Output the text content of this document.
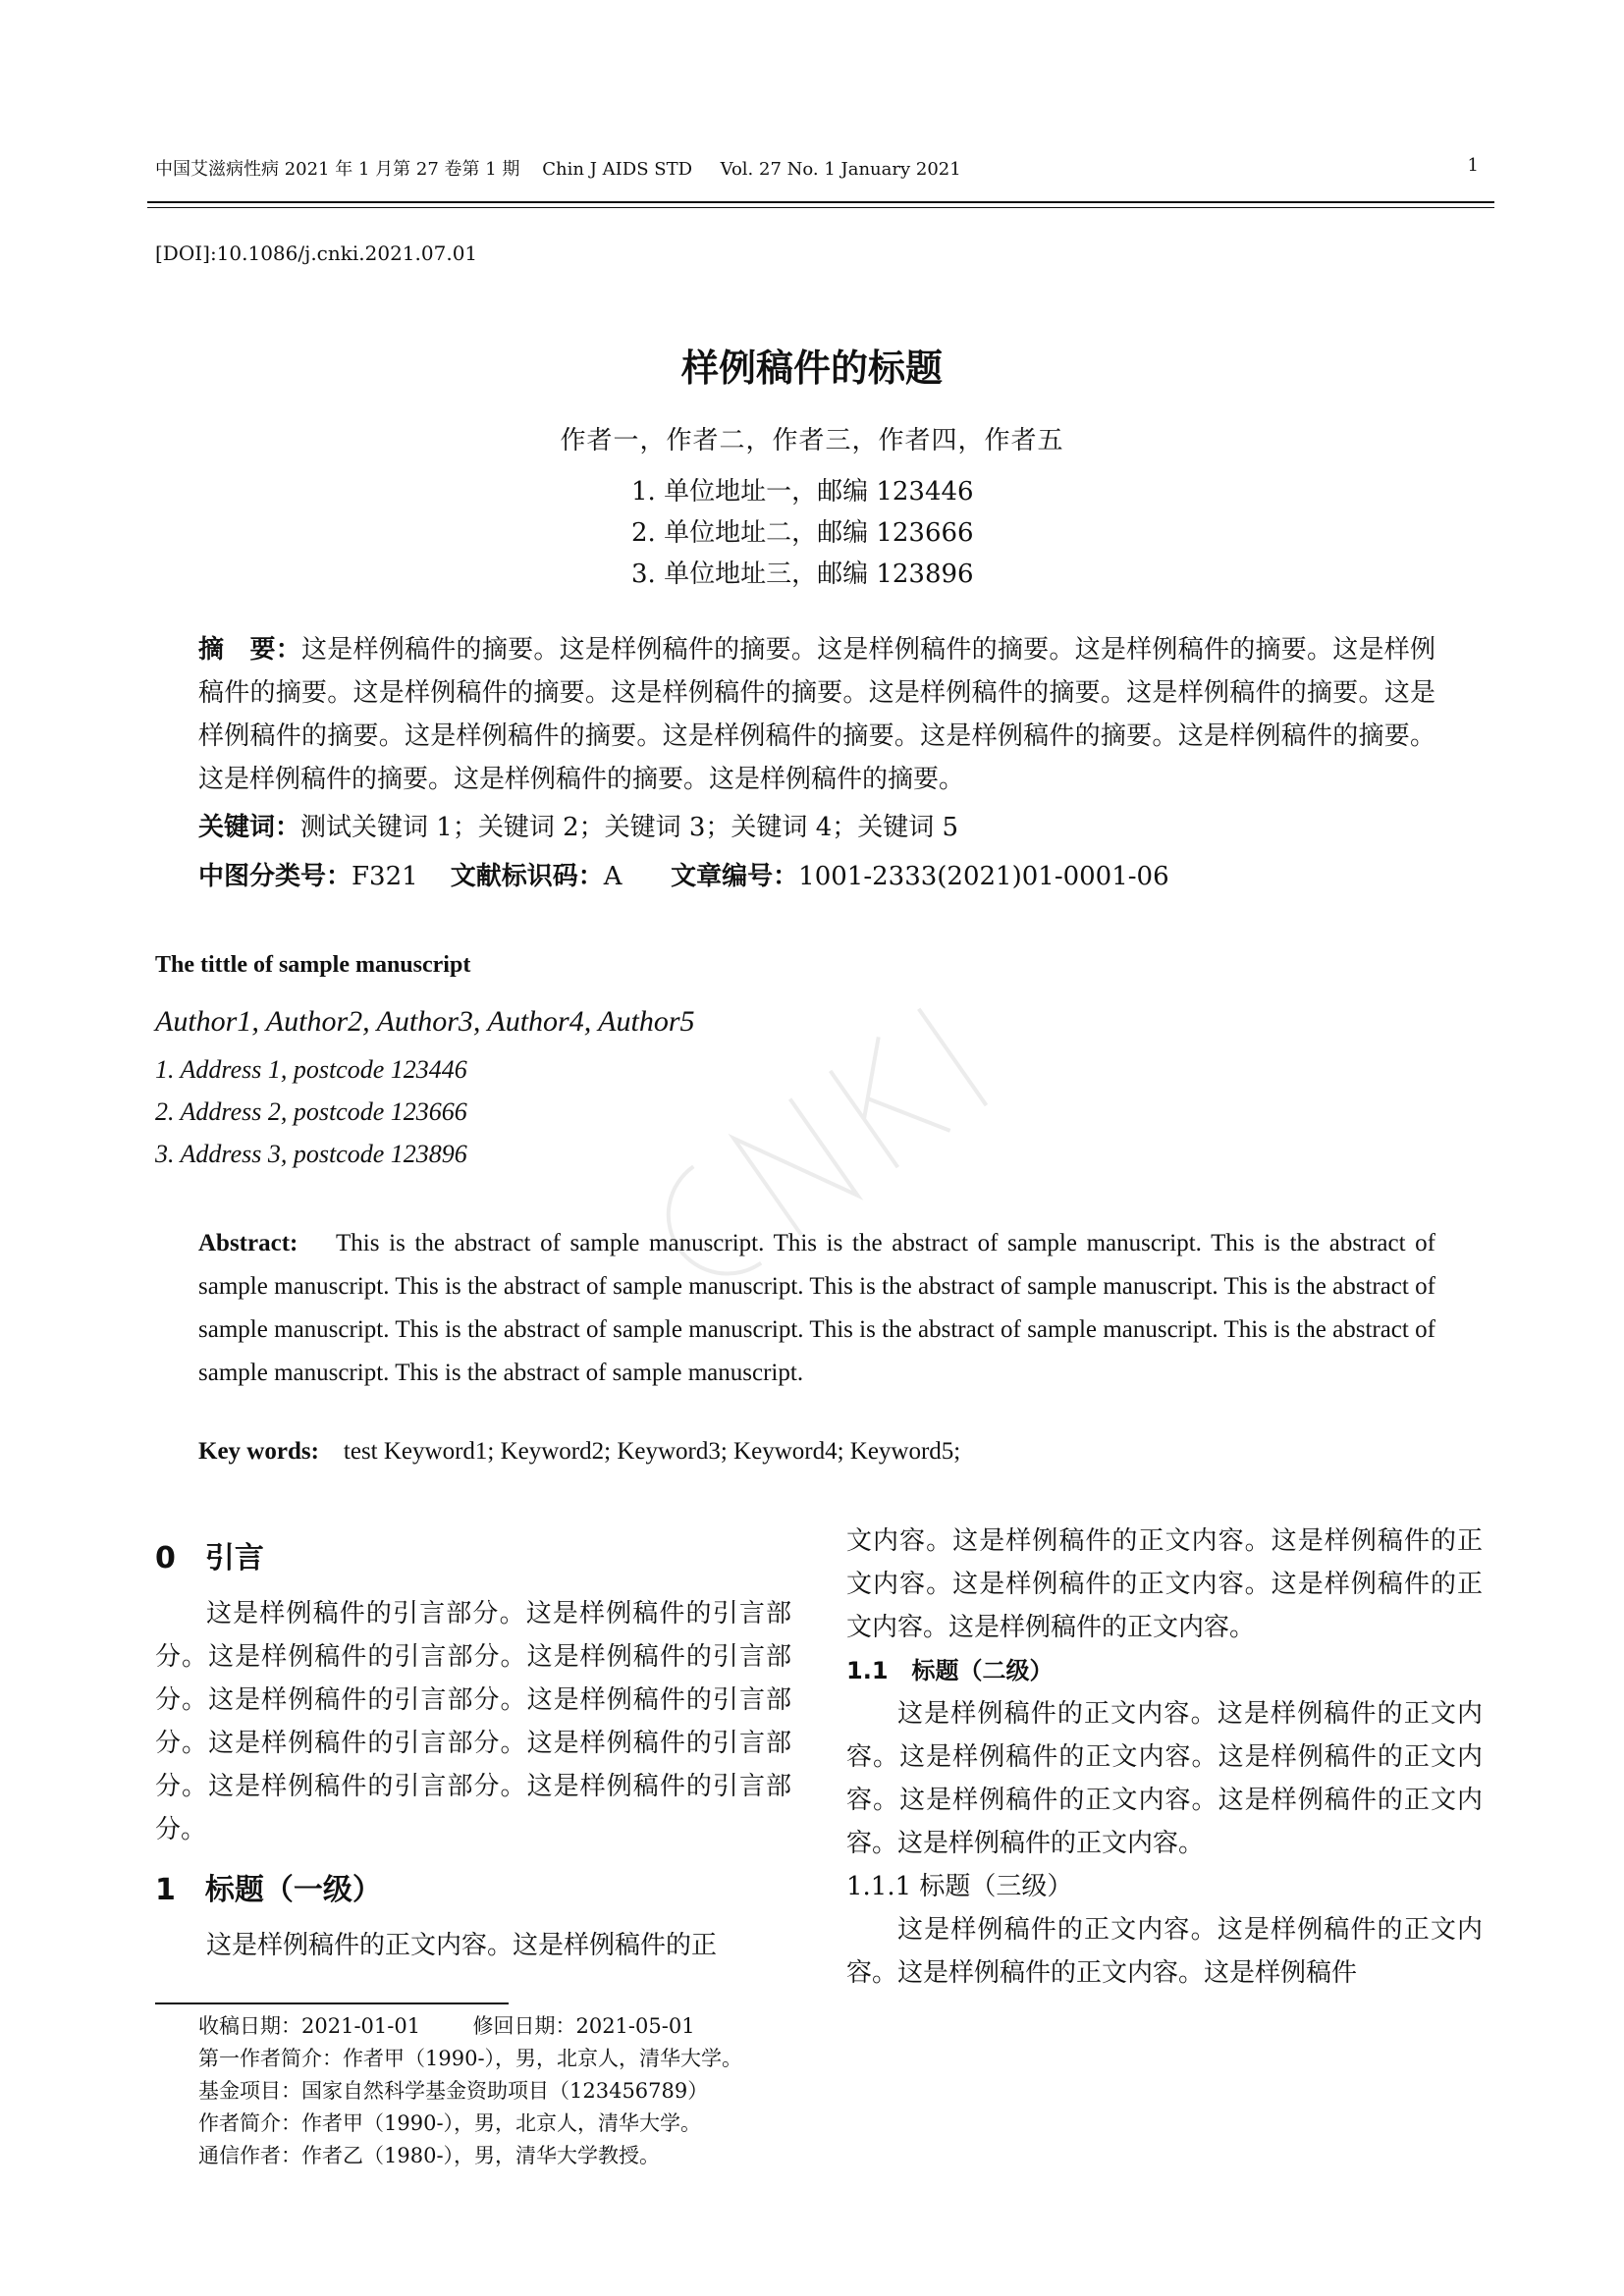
中国艾滋病性病 2021 年 1 月第 27 卷第 1 期    Chin J AIDS STD     Vol. 27 No. 1 January 2021	1
[DOI]:10.1086/j.cnki.2021.07.01
样例稿件的标题
作者一，作者二，作者三，作者四，作者五
1. 单位地址一，邮编 123446
2. 单位地址二，邮编 123666
3. 单位地址三，邮编 123896
摘　要：这是样例稿件的摘要。这是样例稿件的摘要。这是样例稿件的摘要。这是样例稿件的摘要。这是样例稿件的摘要。这是样例稿件的摘要。这是样例稿件的摘要。这是样例稿件的摘要。这是样例稿件的摘要。这是样例稿件的摘要。这是样例稿件的摘要。这是样例稿件的摘要。这是样例稿件的摘要。这是样例稿件的摘要。这是样例稿件的摘要。这是样例稿件的摘要。这是样例稿件的摘要。
关键词：测试关键词 1；关键词 2；关键词 3；关键词 4；关键词 5
中图分类号：F321 文献标识码：A 文章编号：1001-2333(2021)01-0001-06
The tittle of sample manuscript
Author1, Author2, Author3, Author4, Author5
1. Address 1, postcode 123446
2. Address 2, postcode 123666
3. Address 3, postcode 123896
Abstract: This is the abstract of sample manuscript. This is the abstract of sample manuscript. This is the abstract of sample manuscript. This is the abstract of sample manuscript. This is the abstract of sample manuscript. This is the abstract of sample manuscript. This is the abstract of sample manuscript. This is the abstract of sample manuscript. This is the abstract of sample manuscript. This is the abstract of sample manuscript.
Key words: test Keyword1; Keyword2; Keyword3; Keyword4; Keyword5;
0　引言

这是样例稿件的引言部分。这是样例稿件的引言部分。这是样例稿件的引言部分。这是样例稿件的引言部分。这是样例稿件的引言部分。这是样例稿件的引言部分。这是样例稿件的引言部分。这是样例稿件的引言部分。这是样例稿件的引言部分。这是样例稿件的引言部分。

1　标题（一级）

这是样例稿件的正文内容。这是样例稿件的正

文内容。这是样例稿件的正文内容。这是样例稿件的正文内容。这是样例稿件的正文内容。这是样例稿件的正文内容。这是样例稿件的正文内容。

1.1　标题（二级）

这是样例稿件的正文内容。这是样例稿件的正文内容。这是样例稿件的正文内容。这是样例稿件的正文内容。这是样例稿件的正文内容。这是样例稿件的正文内容。这是样例稿件的正文内容。

1.1.1 标题（三级）

这是样例稿件的正文内容。这是样例稿件的正文内容。这是样例稿件的正文内容。这是样例稿件

收稿日期：2021-01-01        修回日期：2021-05-01
第一作者简介：作者甲（1990-），男，北京人，清华大学。
基金项目：国家自然科学基金资助项目（123456789）
作者简介：作者甲（1990-），男，北京人，清华大学。
通信作者：作者乙（1980-），男，清华大学教授。
